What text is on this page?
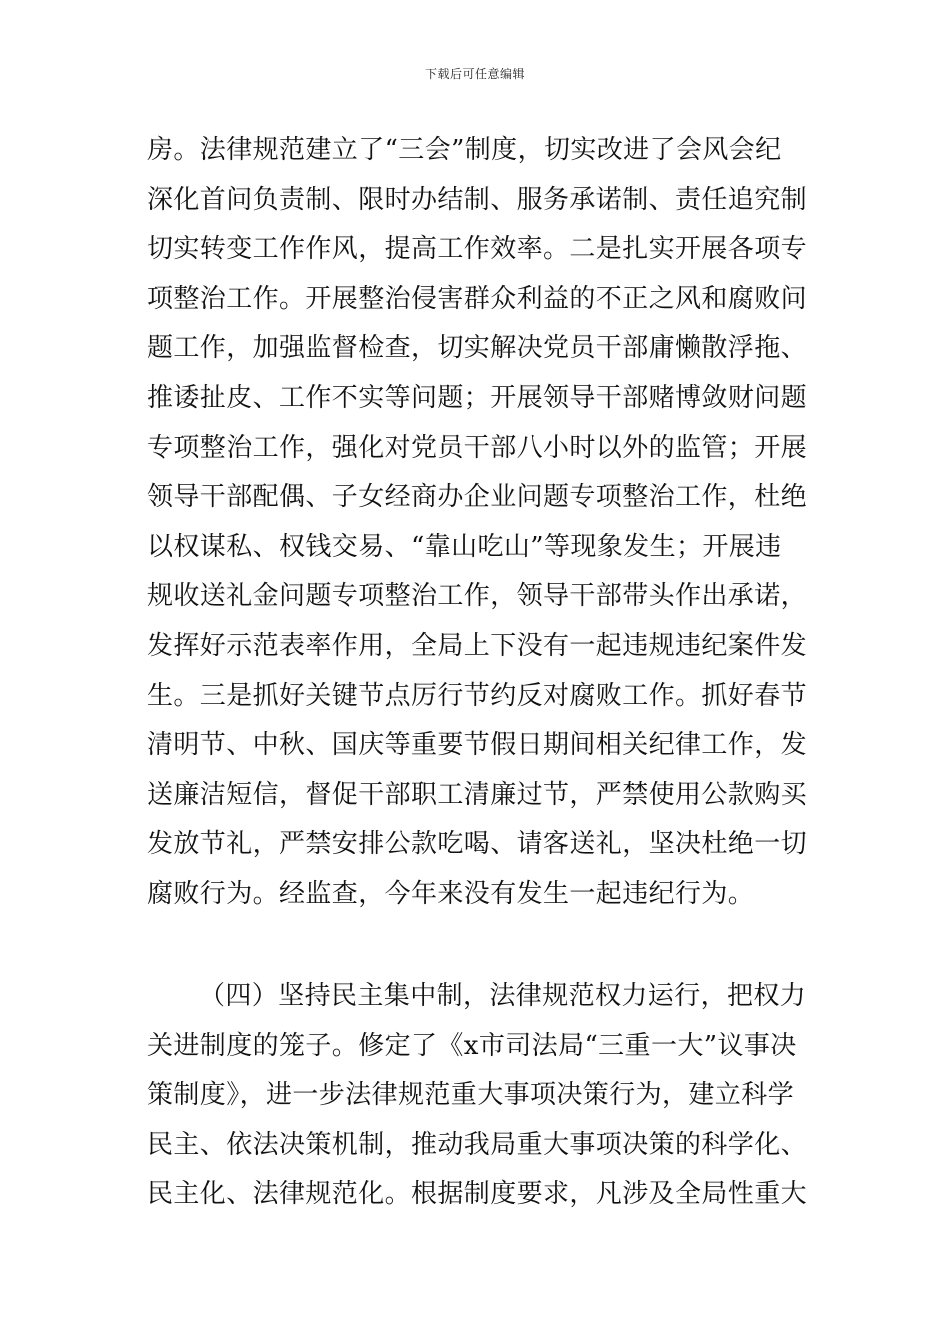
下载后可任意编辑
房。法律规范建立了“三会”制度，切实改进了会风会纪
深化首问负责制、限时办结制、服务承诺制、责任追究制
切实转变工作作风，提高工作效率。二是扎实开展各项专
项整治工作。开展整治侵害群众利益的不正之风和腐败问
题工作，加强监督检查，切实解决党员干部庸懒散浮拖、
推诿扯皮、工作不实等问题；开展领导干部赌博敛财问题
专项整治工作，强化对党员干部八小时以外的监管；开展
领导干部配偶、子女经商办企业问题专项整治工作，杜绝
以权谋私、权钱交易、“靠山吃山”等现象发生；开展违
规收送礼金问题专项整治工作，领导干部带头作出承诺，
发挥好示范表率作用，全局上下没有一起违规违纪案件发
生。三是抓好关键节点厉行节约反对腐败工作。抓好春节
清明节、中秋、国庆等重要节假日期间相关纪律工作，发
送廉洁短信，督促干部职工清廉过节，严禁使用公款购买
发放节礼，严禁安排公款吃喝、请客送礼，坚决杜绝一切
腐败行为。经监查，今年来没有发生一起违纪行为。
（四）坚持民主集中制，法律规范权力运行，把权力
关进制度的笼子。修定了《x市司法局“三重一大”议事决
策制度》，进一步法律规范重大事项决策行为，建立科学
民主、依法决策机制，推动我局重大事项决策的科学化、
民主化、法律规范化。根据制度要求，凡涉及全局性重大
